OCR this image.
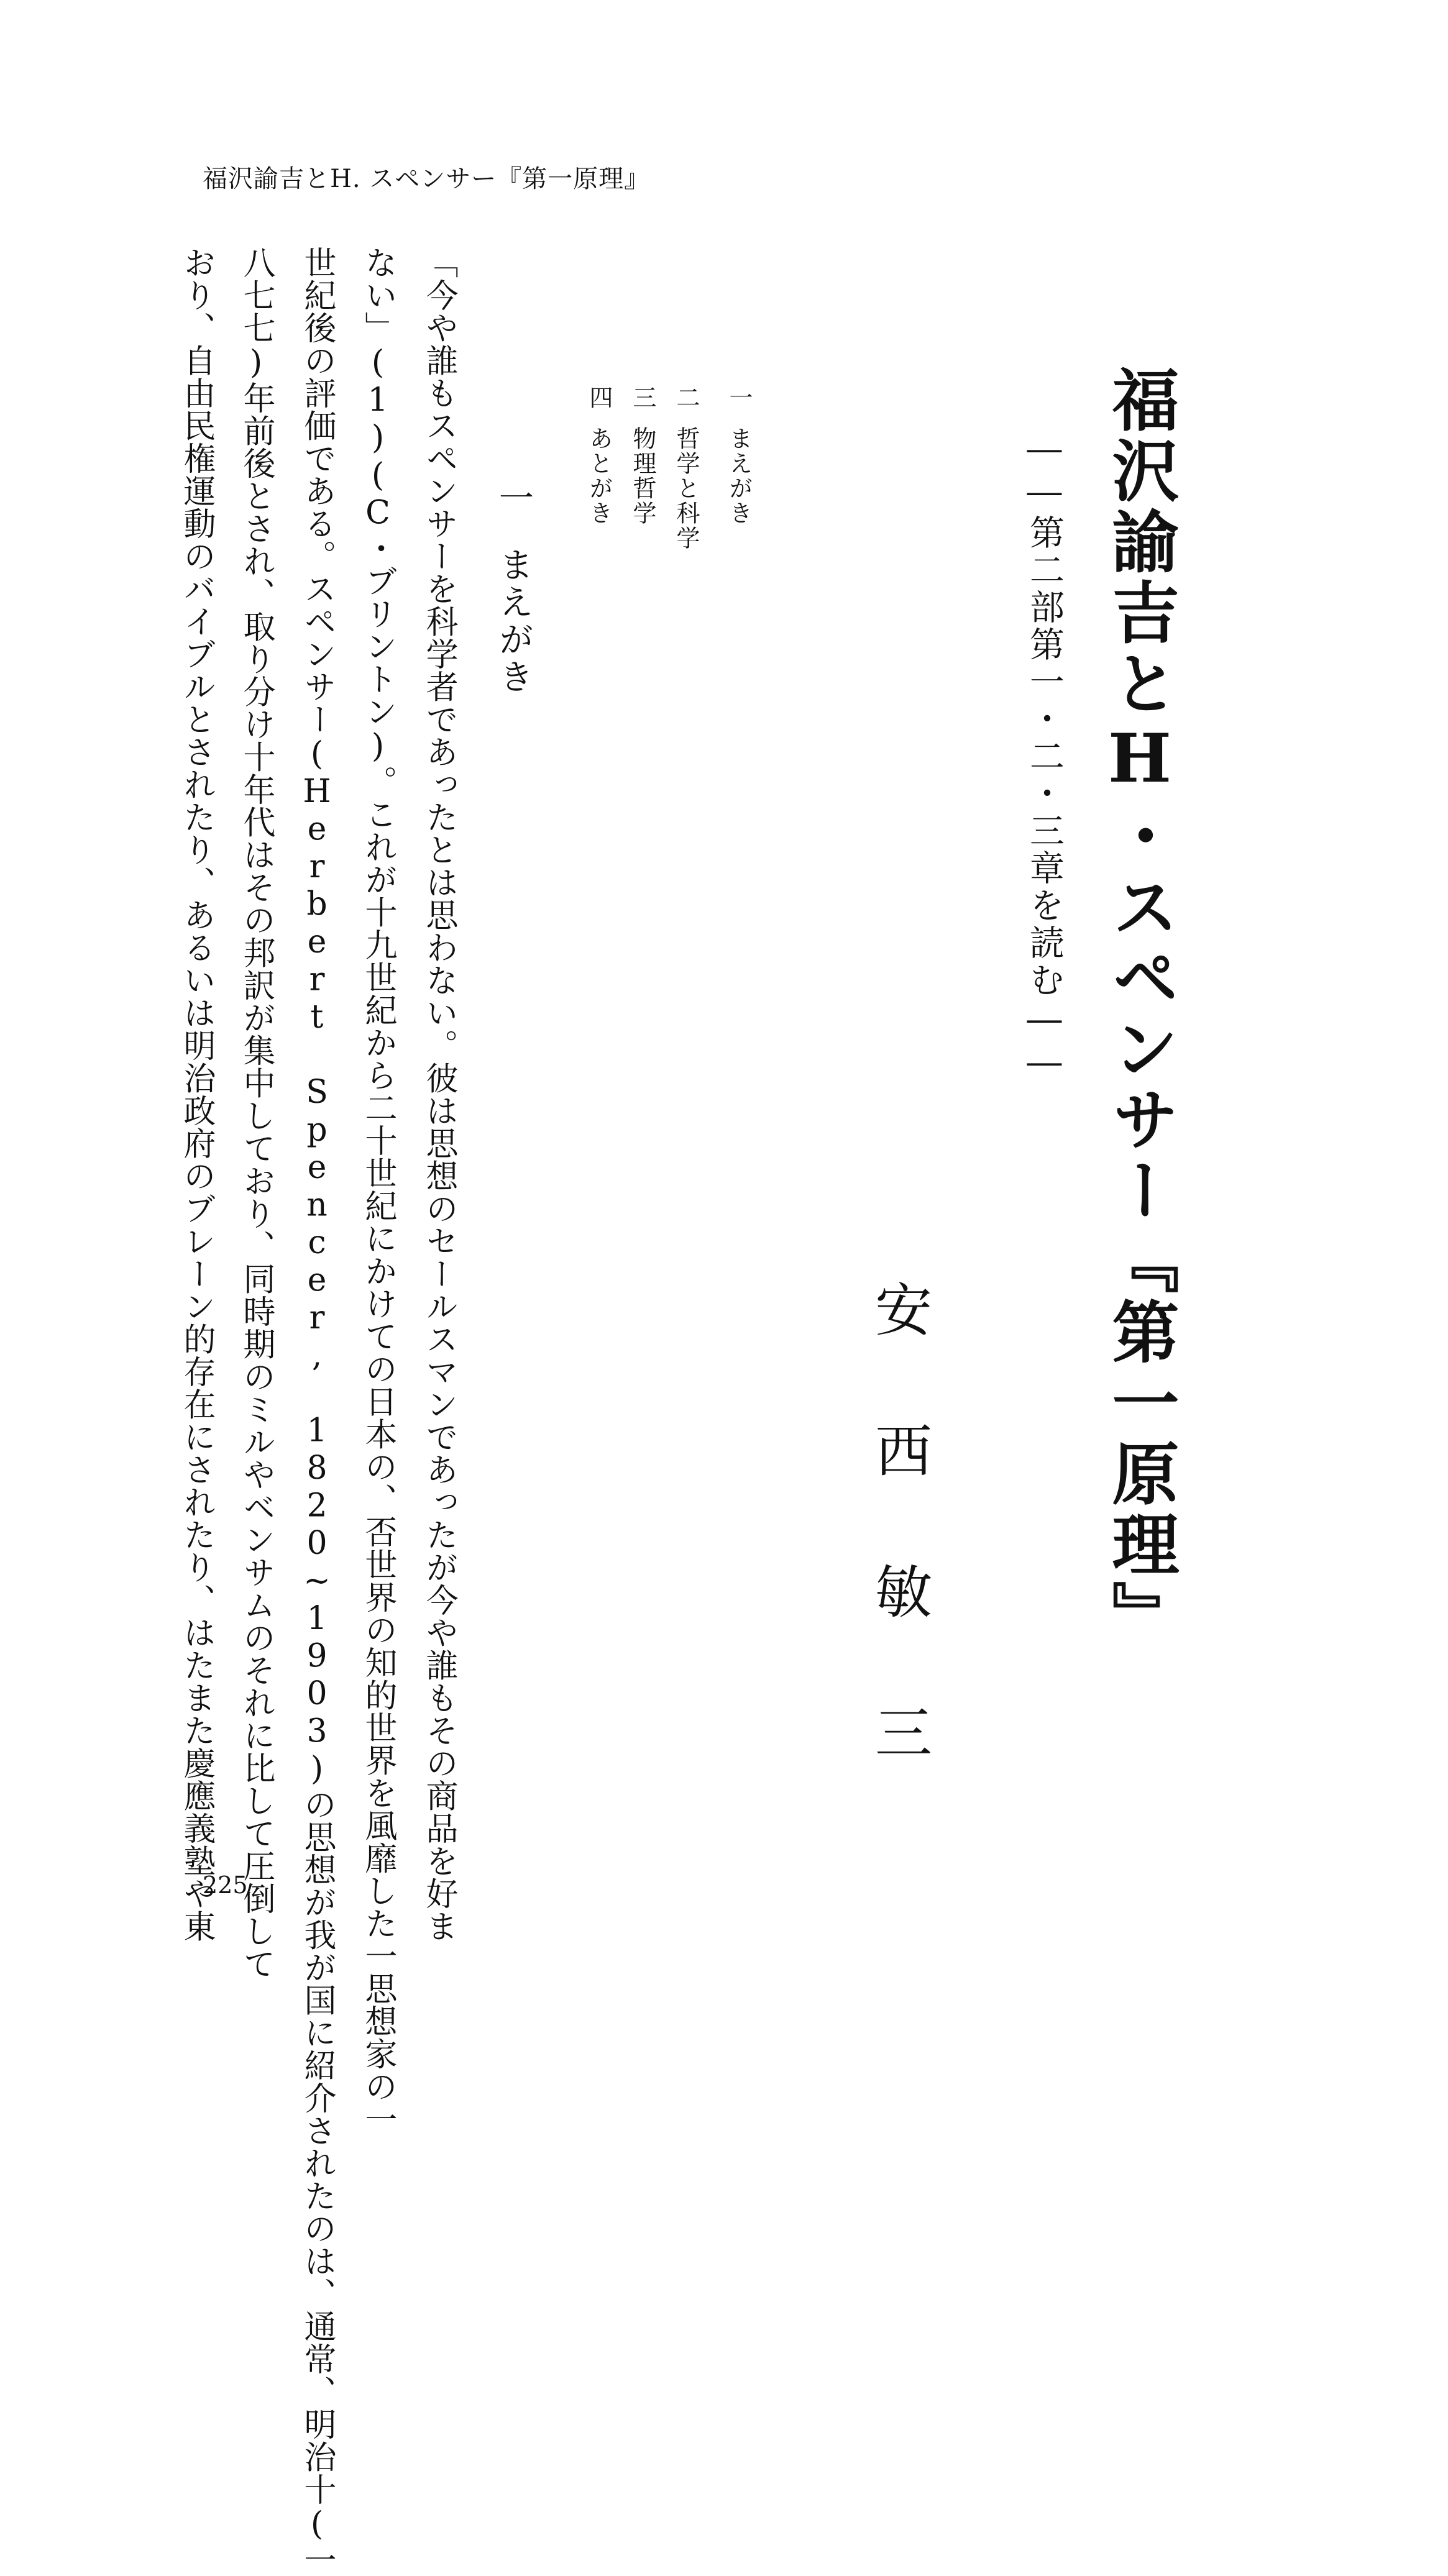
福沢諭吉とH. スペンサー『第一原理』
福沢諭吉とH・スペンサー『第一原理』
――第二部第一・二・三章を読む――
安西敏三
一まえがき
二哲学と科学
三物理哲学
四あとがき
一まえがき
「今や誰もスペンサーを科学者であったとは思わない。彼は思想のセールスマンであったが今や誰もその商品を好ま
ない」(1)(C・ブリントン)。これが十九世紀から二十世紀にかけての日本の、否世界の知的世界を風靡した一思想家の一
世紀後の評価である。スペンサー(Herbert Spencer, 1820~1903)の思想が我が国に紹介されたのは、通常、明治十(一
八七七)年前後とされ、取り分け十年代はその邦訳が集中しており、同時期のミルやベンサムのそれに比して圧倒して
おり、自由民権運動のバイブルとされたり、あるいは明治政府のブレーン的存在にされたり、はたまた慶應義塾や東
225
